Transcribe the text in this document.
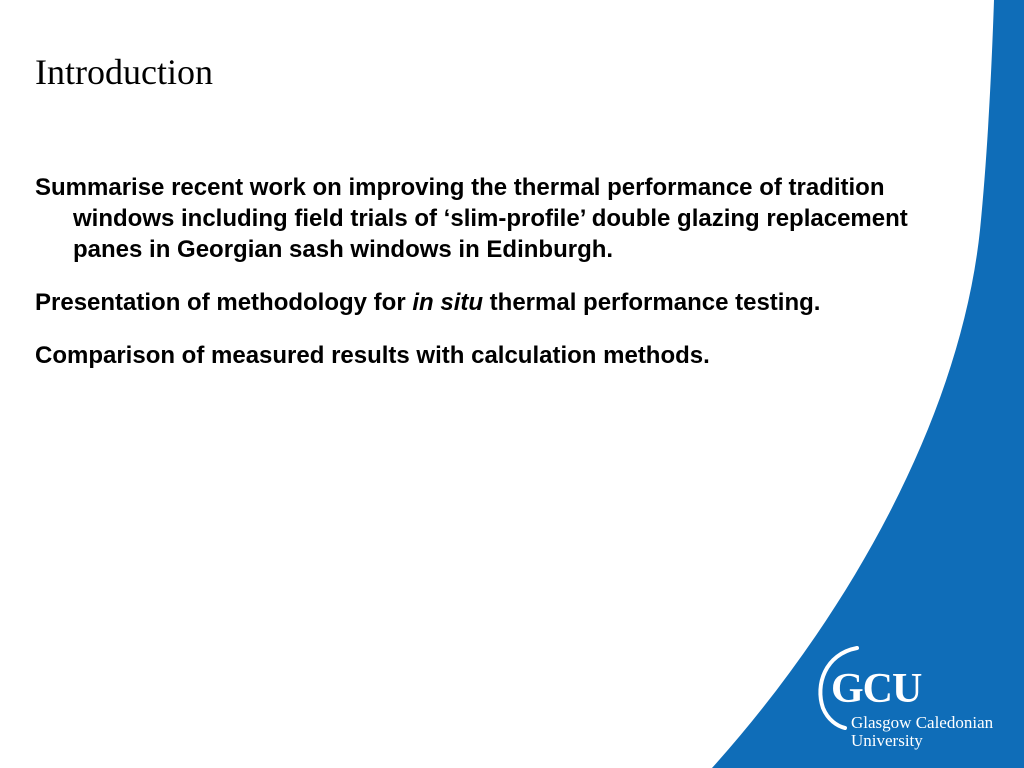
Introduction
Summarise recent work on improving the thermal performance of tradition windows including field trials of ‘slim-profile’ double glazing replacement panes in Georgian sash windows in Edinburgh.
Presentation of methodology for in situ thermal performance testing.
Comparison of measured results with calculation methods.
GCU
Glasgow Caledonian
University
